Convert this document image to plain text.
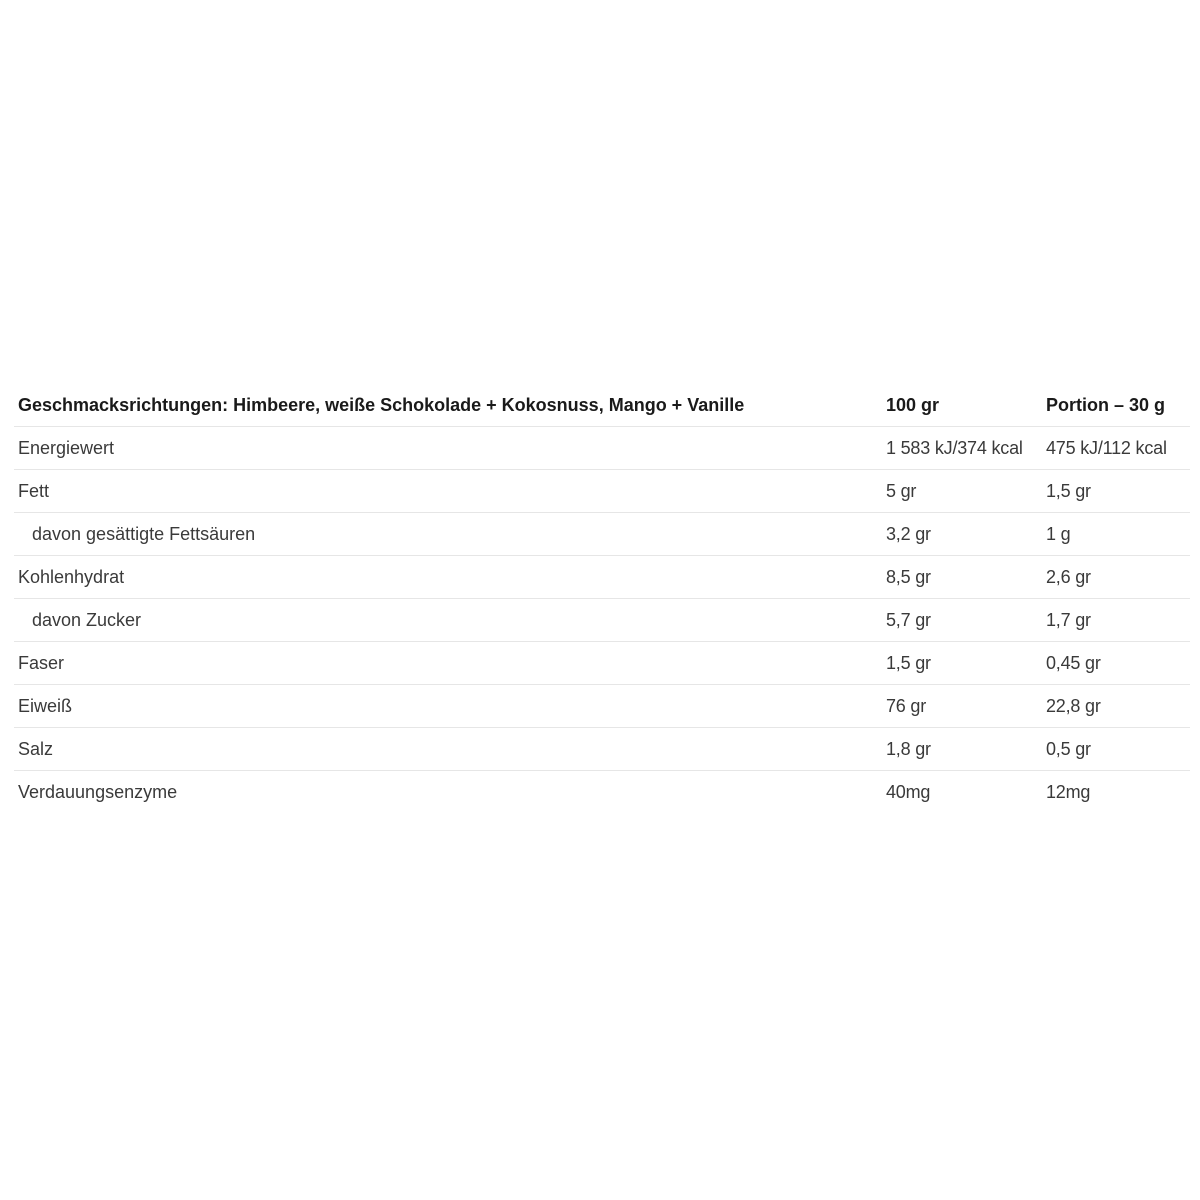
Geschmacksrichtungen: Himbeere, weiße Schokolade + Kokosnuss, Mango + Vanille	100 gr	Portion – 30 g
Energiewert	1 583 kJ/374 kcal	475 kJ/112 kcal
Fett	5 gr	1,5 gr
davon gesättigte Fettsäuren	3,2 gr	1 g
Kohlenhydrat	8,5 gr	2,6 gr
davon Zucker	5,7 gr	1,7 gr
Faser	1,5 gr	0,45 gr
Eiweiß	76 gr	22,8 gr
Salz	1,8 gr	0,5 gr
Verdauungsenzyme	40mg	12mg
